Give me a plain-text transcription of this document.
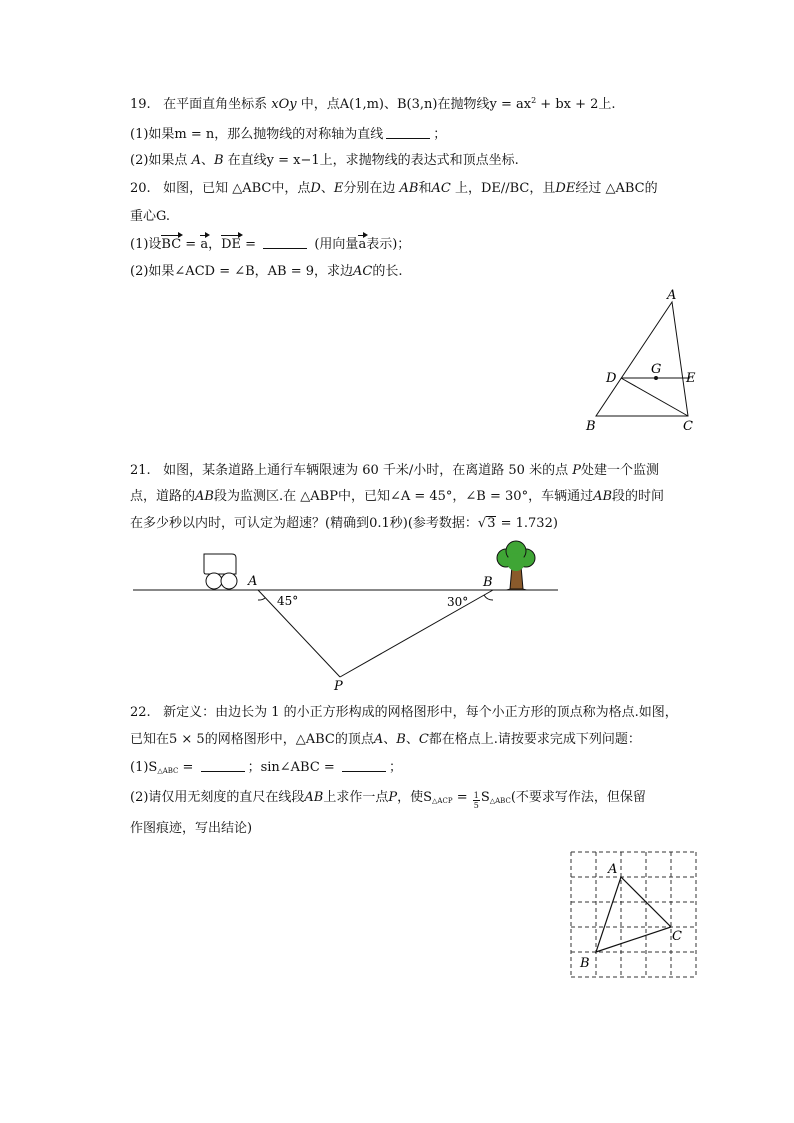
19. 在平面直角坐标系 xOy 中，点A(1,m)、B(3,n)在抛物线$y = ax^2$ + bx + 2上.
(1)如果m = n，那么抛物线的对称轴为直线	；
(2)如果点 A、B 在直线y = x−1上，求抛物线的表达式和顶点坐标.
20. 如图，已知 △ABC中，点D、E分别在边 AB和AC 上，DE//BC，且DE经过 △ABC的
重心G.
(1)设BC = a，DE =	(用向量a表示)；
(2)如果∠ACD = ∠B，AB = 9，求边AC的长.
A
B	C
D	E
G
21. 如图，某条道路上通行车辆限速为 60 千米/小时，在离道路 50 米的点 P处建一个监测
点，道路的AB段为监测区.在 △ABP中，已知∠A = 45°，∠B = 30°，车辆通过AB段的时间
在多少秒以内时，可认定为超速？(精确到0.1秒)(参考数据：√3 = 1.732)
A	B
P
45°	30°
22. 新定义：由边长为 1 的小正方形构成的网格图形中，每个小正方形的顶点称为格点.如图，
已知在5 × 5的网格图形中，△ABC的顶点A、B、C都在格点上.请按要求完成下列问题：
$(1)S_{\triangle ABC}$ =	；sin∠ABC =	；
(2)请仅用无刻度的直尺在线段AB上求作一点P，使$S_{\triangle ACP} = \frac{1}{5} S_{\triangle ABC}$(不要求写作法，但保留
作图痕迹，写出结论)
A
B
C
